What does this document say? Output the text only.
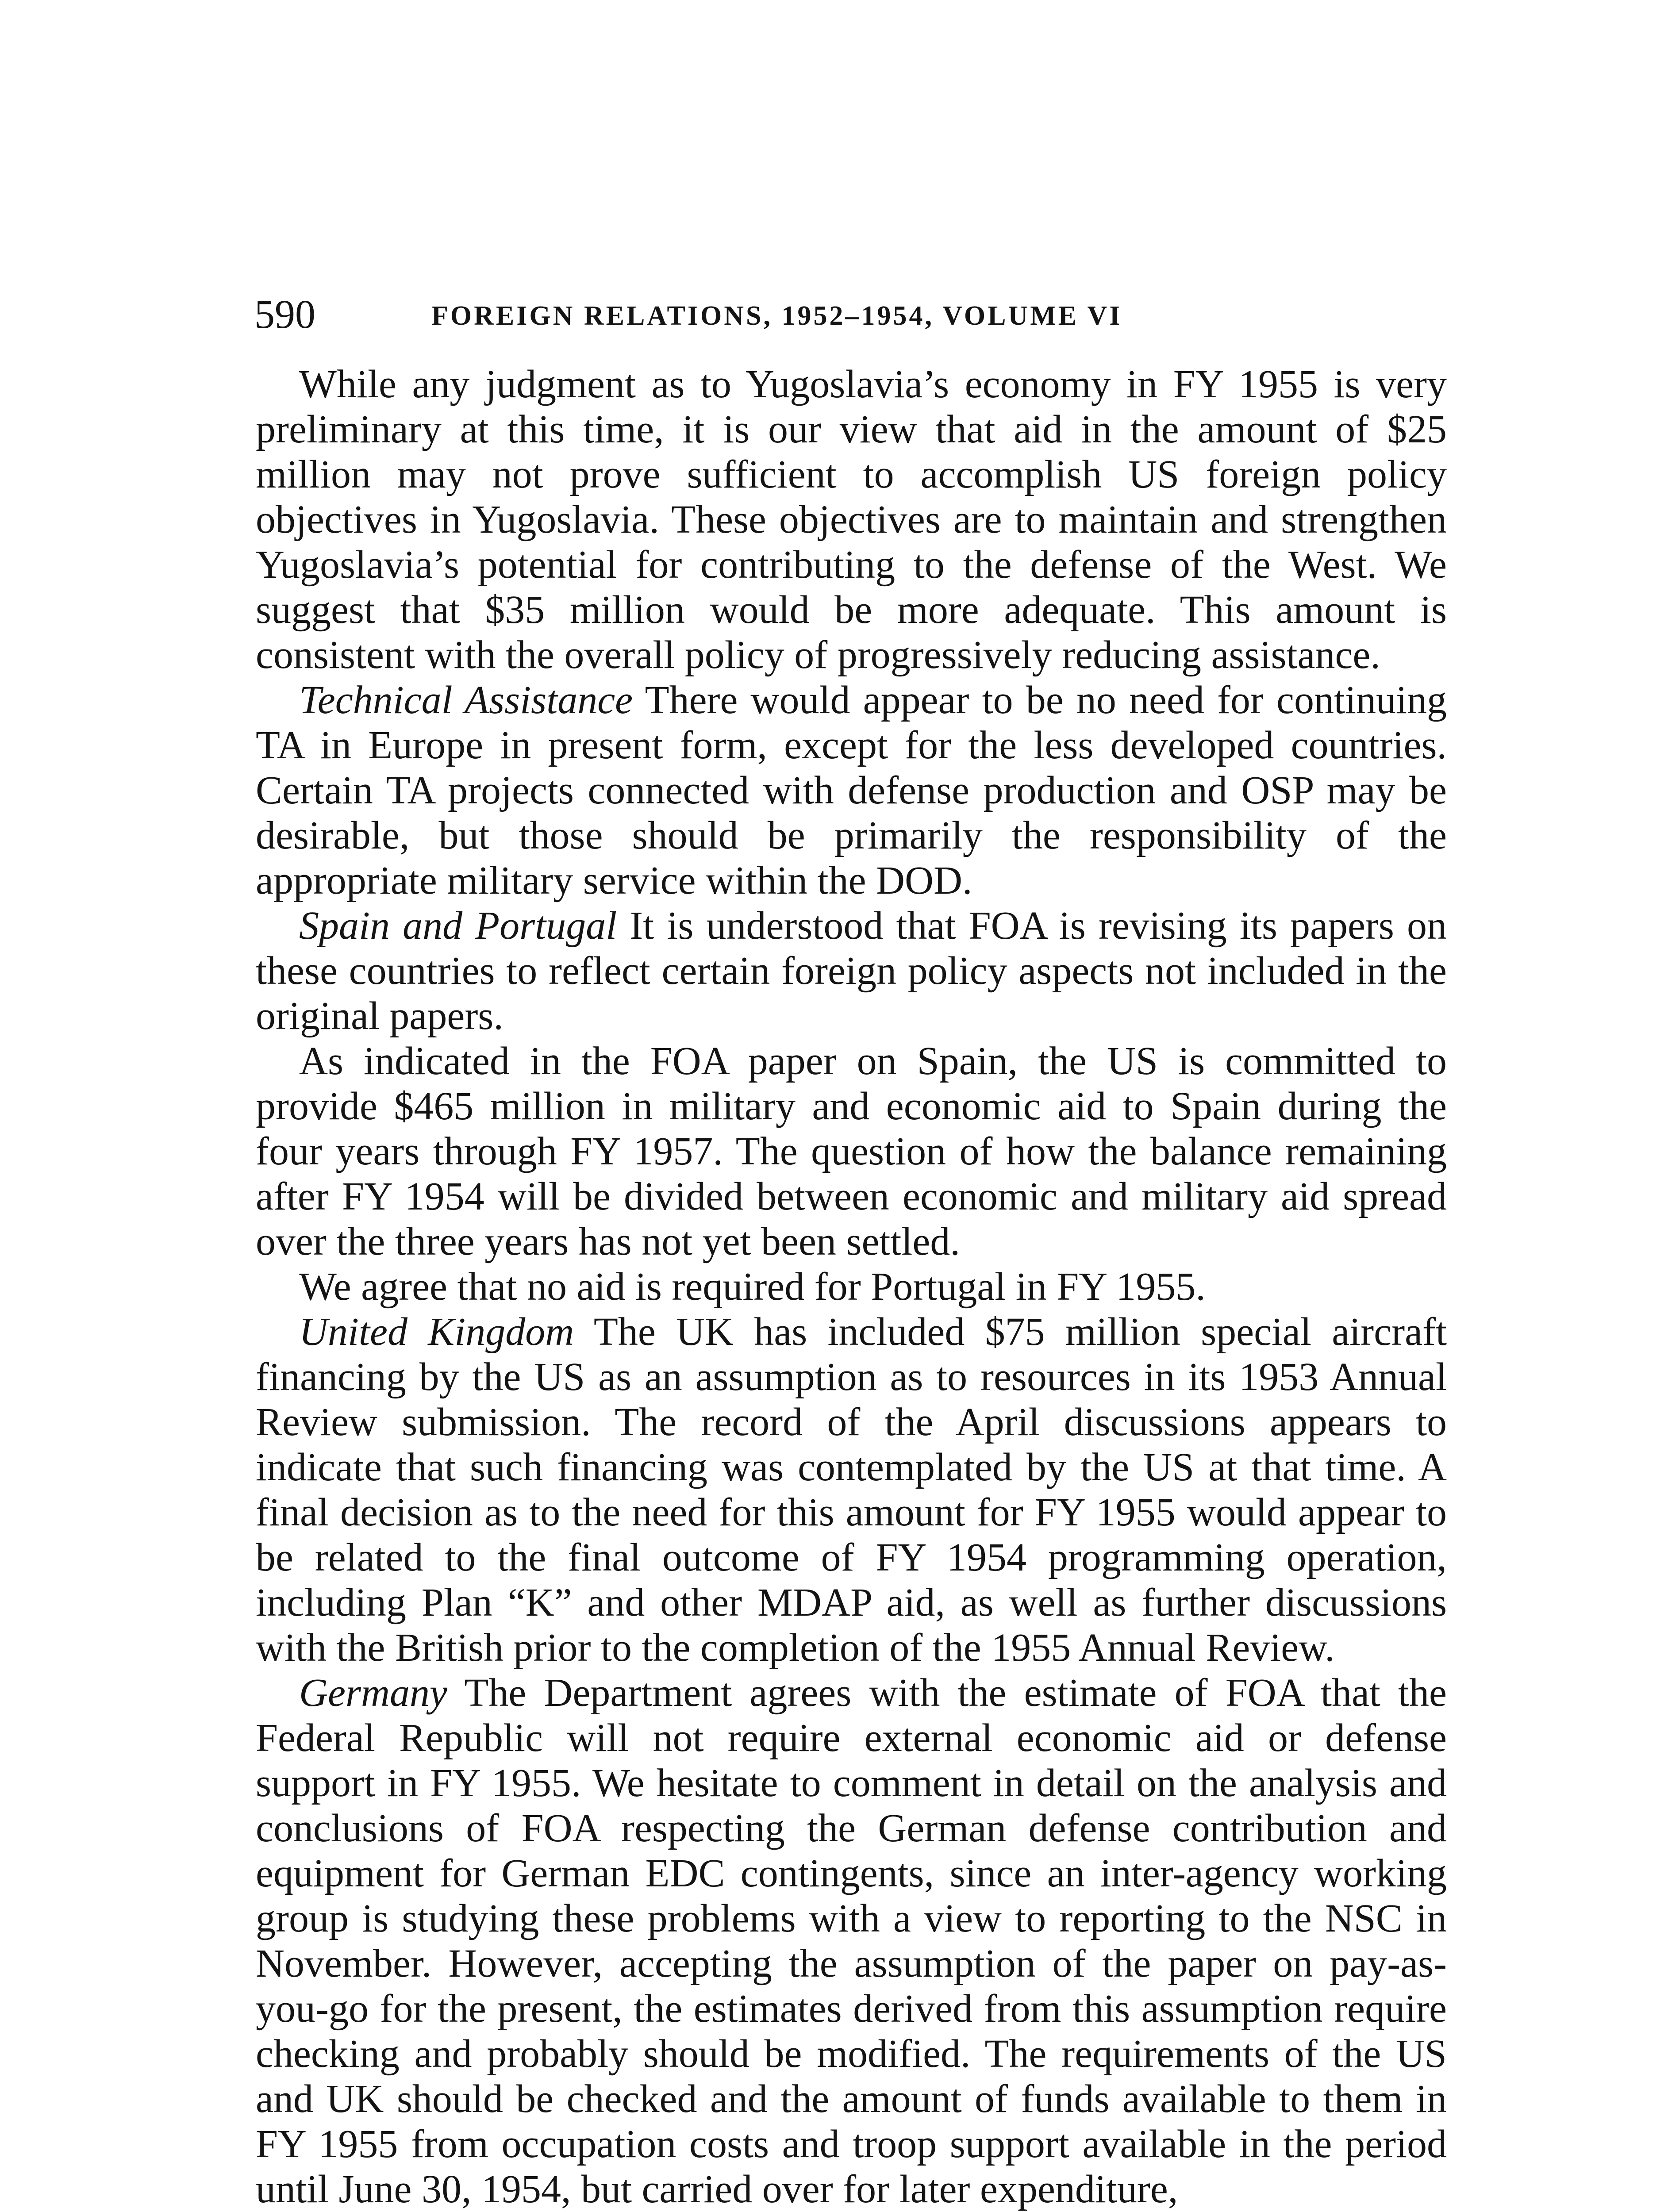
590	FOREIGN RELATIONS, 1952–1954, VOLUME VI

While any judgment as to Yugoslavia’s economy in FY 1955 is very preliminary at this time, it is our view that aid in the amount of $25 million may not prove sufficient to accomplish US foreign policy objectives in Yugoslavia. These objectives are to maintain and strengthen Yugoslavia’s potential for contributing to the defense of the West. We suggest that $35 million would be more adequate. This amount is consistent with the overall policy of progressively reducing assistance.

Technical Assistance There would appear to be no need for continuing TA in Europe in present form, except for the less developed countries. Certain TA projects connected with defense production and OSP may be desirable, but those should be primarily the responsibility of the appropriate military service within the DOD.

Spain and Portugal It is understood that FOA is revising its papers on these countries to reflect certain foreign policy aspects not included in the original papers.

As indicated in the FOA paper on Spain, the US is committed to provide $465 million in military and economic aid to Spain during the four years through FY 1957. The question of how the balance remaining after FY 1954 will be divided between economic and military aid spread over the three years has not yet been settled.

We agree that no aid is required for Portugal in FY 1955.

United Kingdom The UK has included $75 million special aircraft financing by the US as an assumption as to resources in its 1953 Annual Review submission. The record of the April discussions appears to indicate that such financing was contemplated by the US at that time. A final decision as to the need for this amount for FY 1955 would appear to be related to the final outcome of FY 1954 programming operation, including Plan “K” and other MDAP aid, as well as further discussions with the British prior to the completion of the 1955 Annual Review.

Germany The Department agrees with the estimate of FOA that the Federal Republic will not require external economic aid or defense support in FY 1955. We hesitate to comment in detail on the analysis and conclusions of FOA respecting the German defense contribution and equipment for German EDC contingents, since an inter-agency working group is studying these problems with a view to reporting to the NSC in November. However, accepting the assumption of the paper on pay-as-you-go for the present, the estimates derived from this assumption require checking and probably should be modified. The requirements of the US and UK should be checked and the amount of funds available to them in FY 1955 from occupation costs and troop support available in the period until June 30, 1954, but carried over for later expenditure,
